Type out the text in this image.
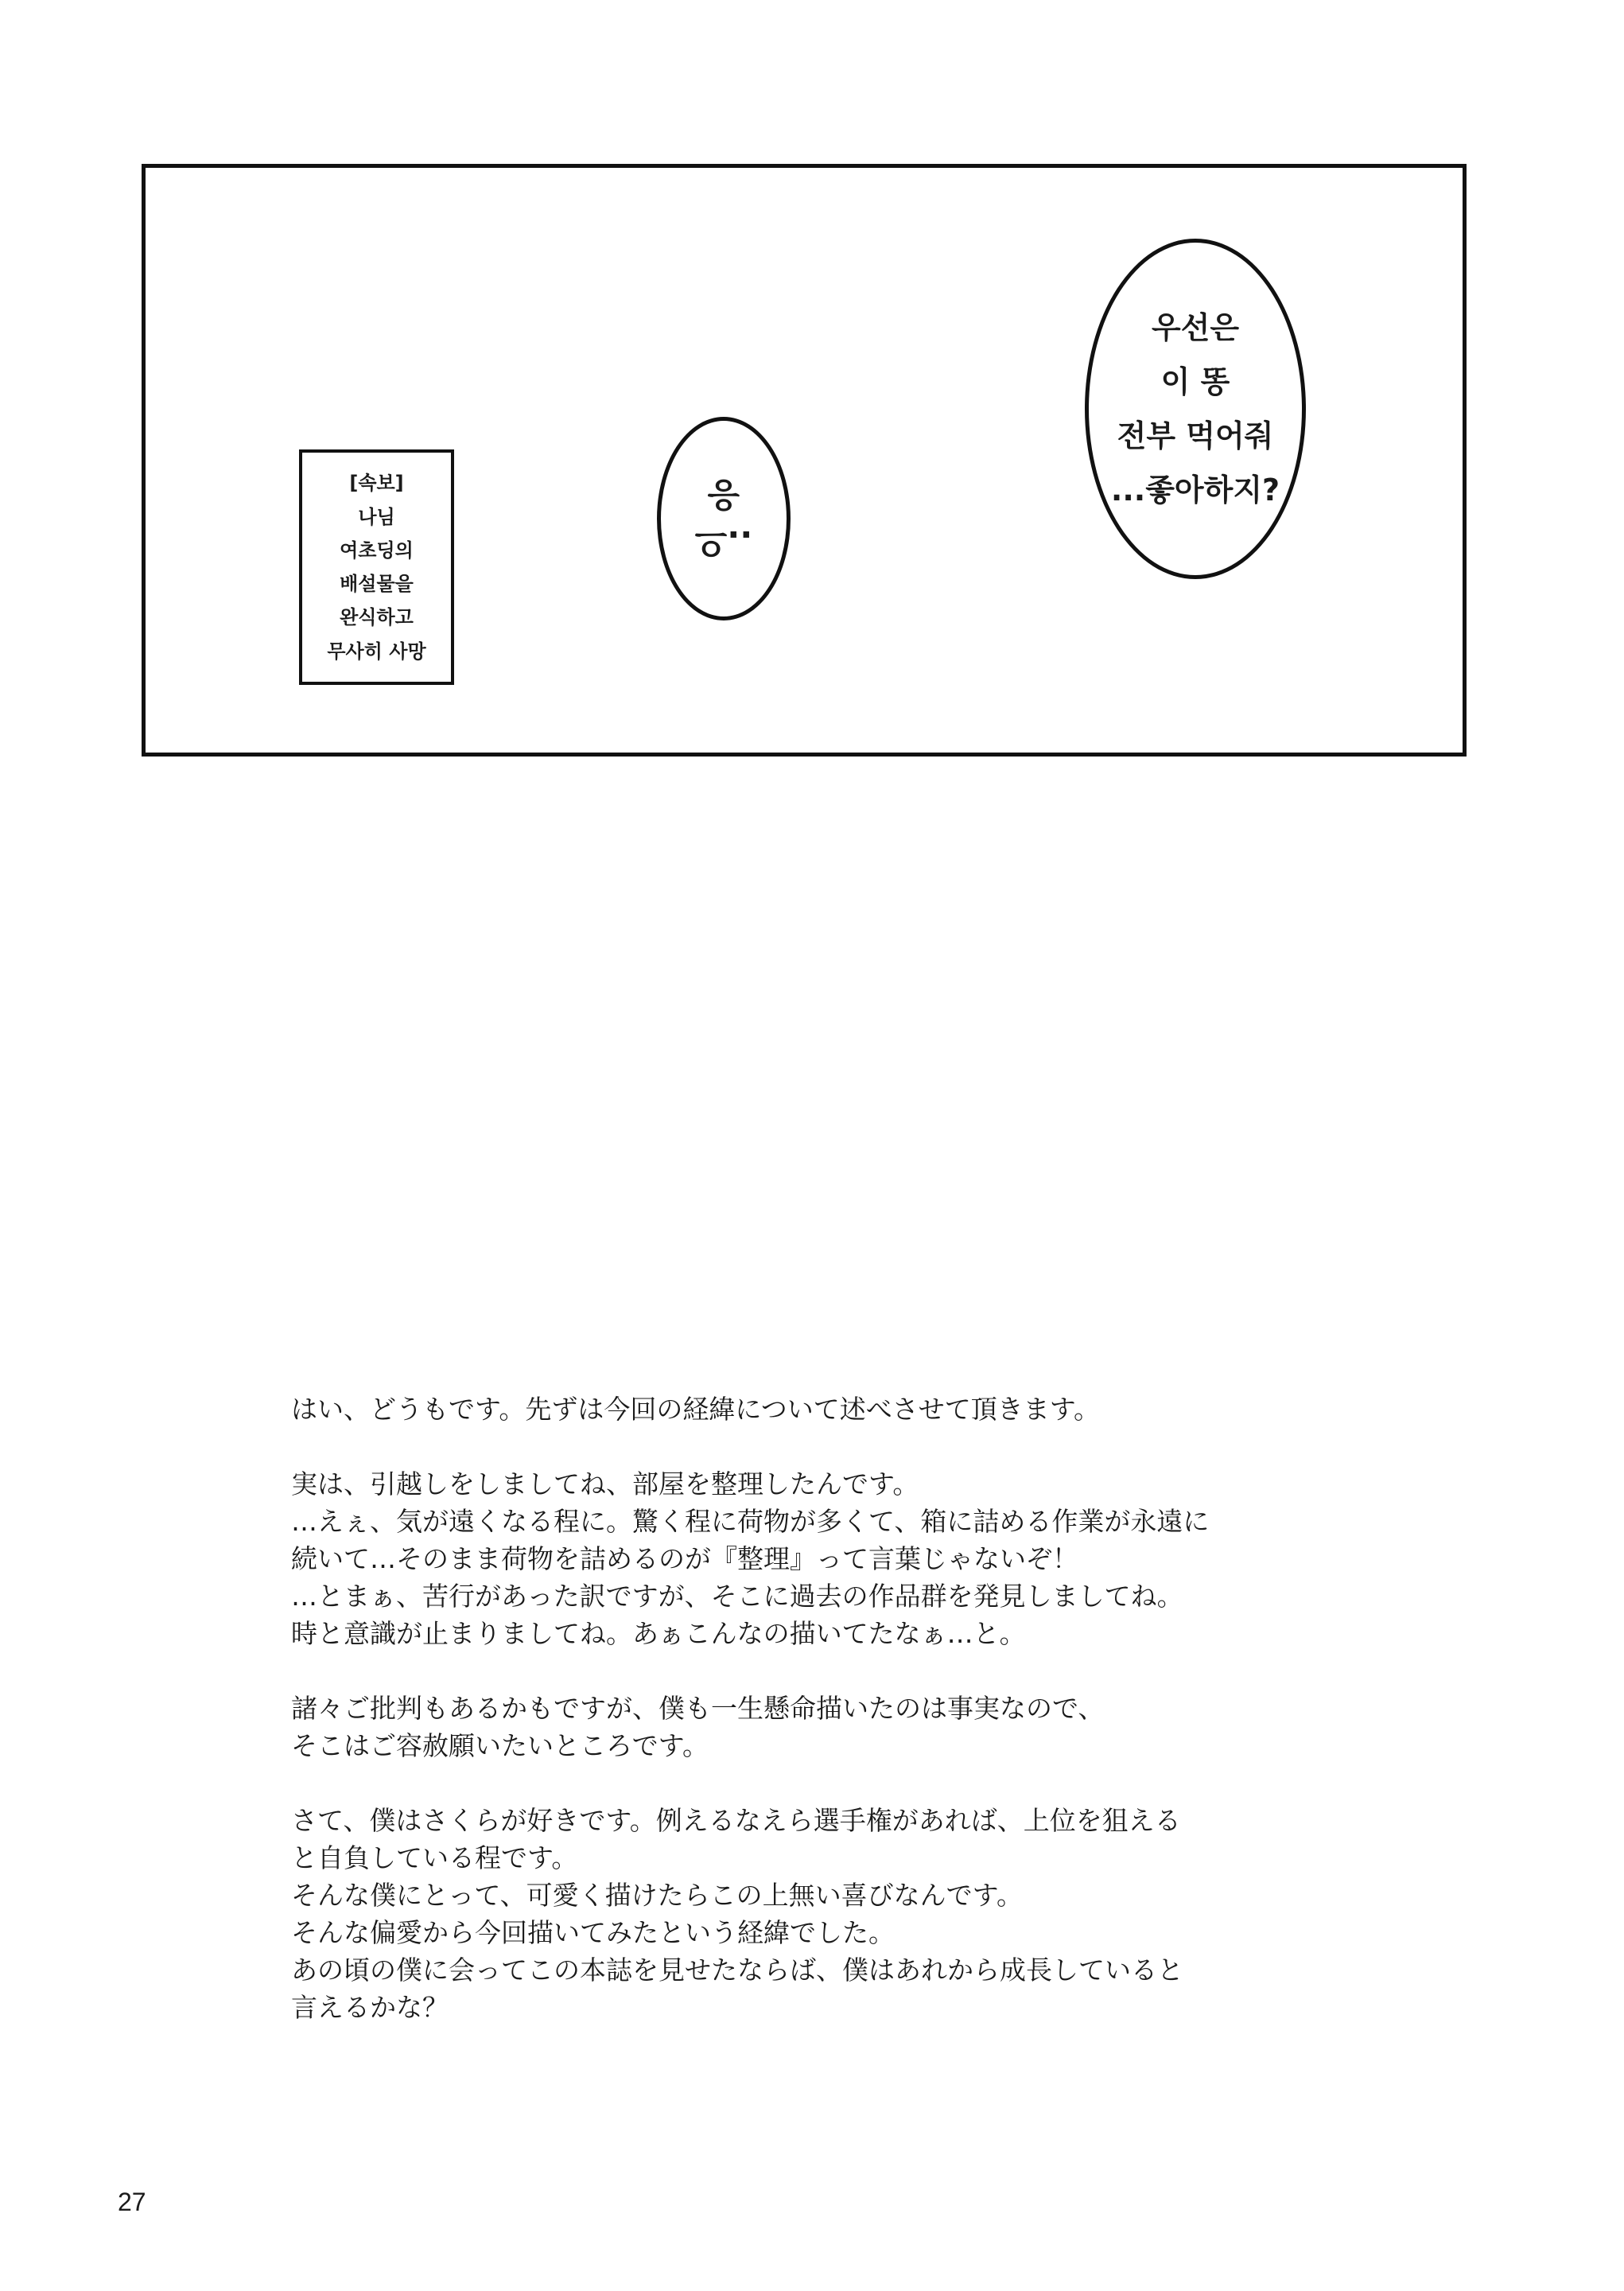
[속보]
나님
여초딩의
배설물을
완식하고
무사히 사망
..으
응
우선은
이 똥
전부 먹어줘
...좋아하지?

はい、どうもです。先ずは今回の経緯について述べさせて頂きます。

実は、引越しをしましてね、部屋を整理したんです。

…えぇ、気が遠くなる程に。驚く程に荷物が多くて、箱に詰める作業が永遠に

続いて…そのまま荷物を詰めるのが『整理』って言葉じゃないぞ！

…とまぁ、苦行があった訳ですが、そこに過去の作品群を発見しましてね。

時と意識が止まりましてね。あぁこんなの描いてたなぁ…と。

諸々ご批判もあるかもですが、僕も一生懸命描いたのは事実なので、

そこはご容赦願いたいところです。

さて、僕はさくらが好きです。例えるなえら選手権があれば、上位を狙える

と自負している程です。

そんな僕にとって、可愛く描けたらこの上無い喜びなんです。

そんな偏愛から今回描いてみたという経緯でした。

あの頃の僕に会ってこの本誌を見せたならば、僕はあれから成長していると

言えるかな？

27
